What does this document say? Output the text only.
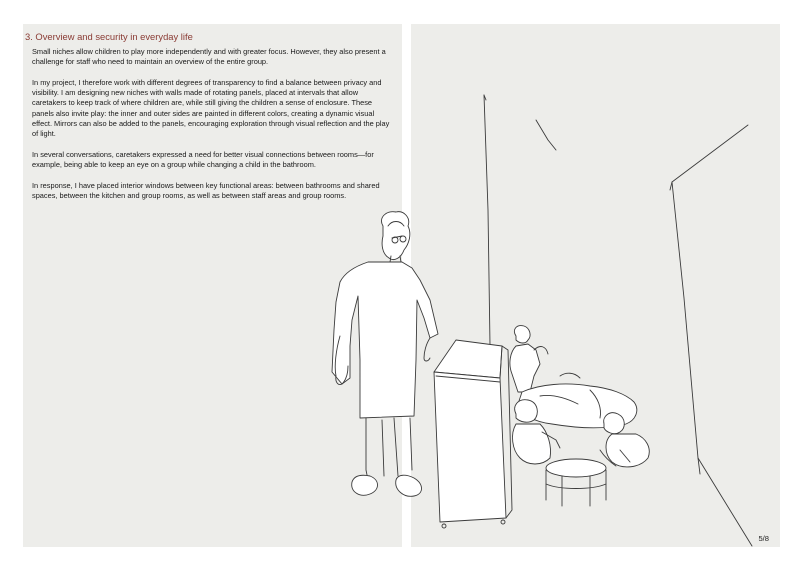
3. Overview and security in everyday life

Small niches allow children to play more independently and with greater focus. However, they also present a challenge for staff who need to maintain an overview of the entire group.

In my project, I therefore work with different degrees of transparency to find a balance between privacy and visibility. I am designing new niches with walls made of rotating panels, placed at intervals that allow caretakers to keep track of where children are, while still giving the children a sense of enclosure. These panels also invite play: the inner and outer sides are painted in different colors, creating a dynamic visual effect. Mirrors can also be added to the panels, encouraging exploration through visual reflection and the play of light.

In several conversations, caretakers expressed a need for better visual connections between rooms—for example, being able to keep an eye on a group while changing a child in the bathroom.

In response, I have placed interior windows between key functional areas: between bathrooms and shared spaces, between the kitchen and group rooms, as well as between staff areas and group rooms.

5/8
